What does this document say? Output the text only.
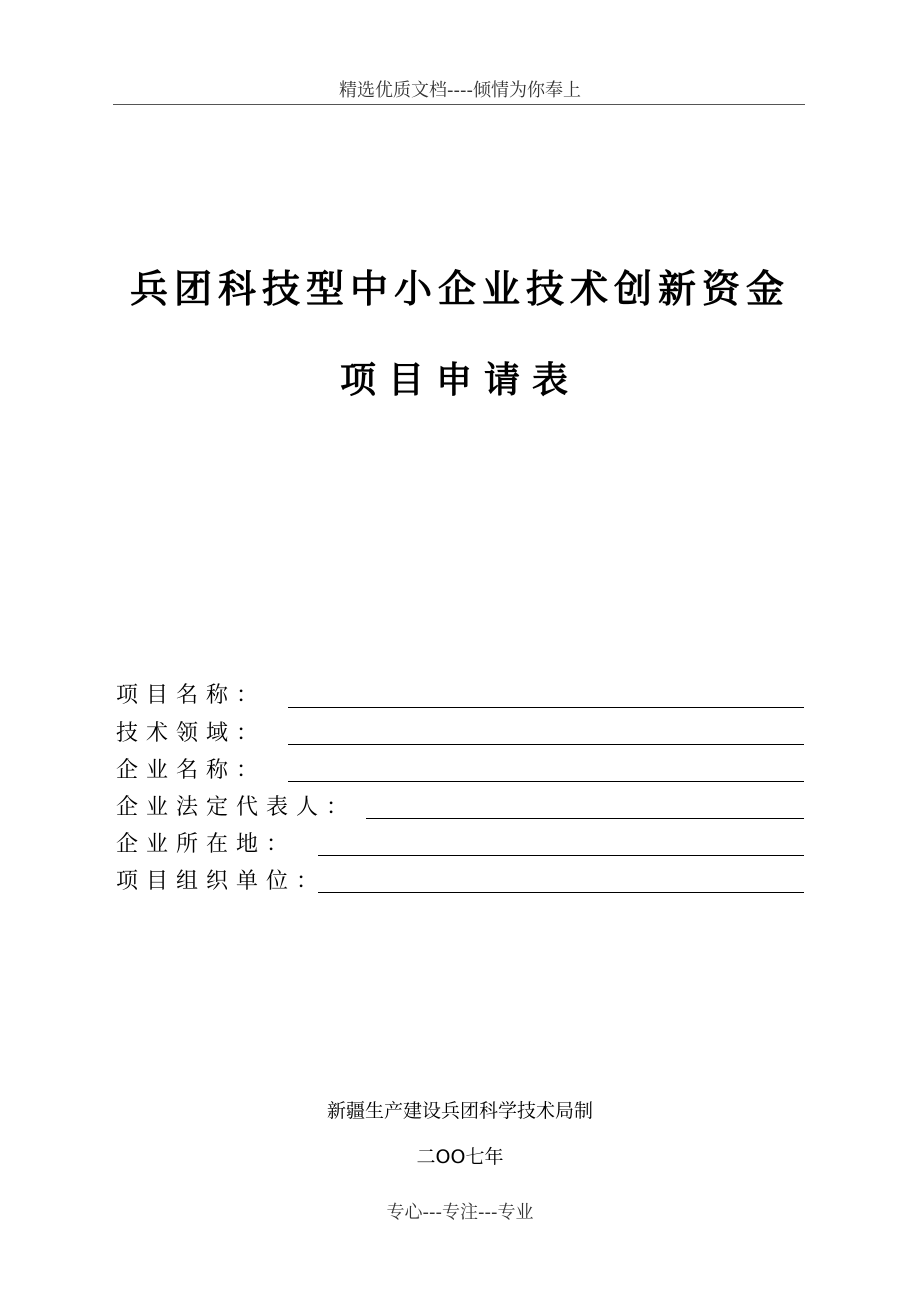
精选优质文档----倾情为你奉上
兵团科技型中小企业技术创新资金
项目申请表
项目名称：
技术领域：
企业名称：
企业法定代表人：
企业所在地：
项目组织单位：
新疆生产建设兵团科学技术局制
二OO七年
专心---专注---专业
